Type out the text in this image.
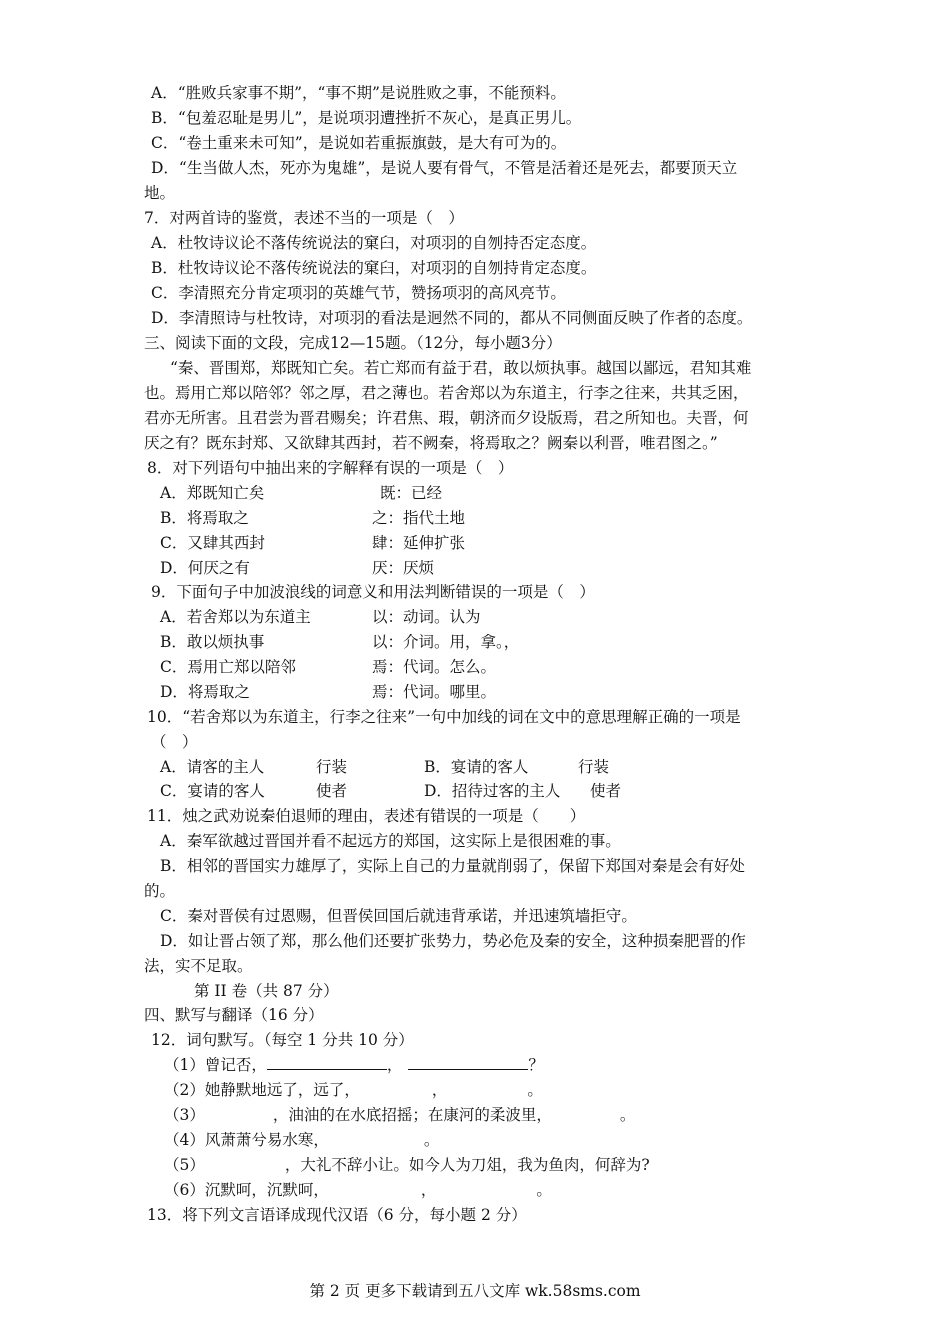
A．“胜败兵家事不期”，“事不期”是说胜败之事，不能预料。
B．“包羞忍耻是男儿”，是说项羽遭挫折不灰心，是真正男儿。
C．“卷土重来未可知”，是说如若重振旗鼓，是大有可为的。
D．“生当做人杰，死亦为鬼雄”，是说人要有骨气，不管是活着还是死去，都要顶天立
地。
7．对两首诗的鉴赏，表述不当的一项是（　）
A．杜牧诗议论不落传统说法的窠臼，对项羽的自刎持否定态度。
B．杜牧诗议论不落传统说法的窠臼，对项羽的自刎持肯定态度。
C．李清照充分肯定项羽的英雄气节，赞扬项羽的高风亮节。
D．李清照诗与杜牧诗，对项羽的看法是迥然不同的，都从不同侧面反映了作者的态度。
三、阅读下面的文段，完成12—15题。（12分，每小题3分）
“秦、晋围郑，郑既知亡矣。若亡郑而有益于君，敢以烦执事。越国以鄙远，君知其难
也。焉用亡郑以陪邻？邻之厚，君之薄也。若舍郑以为东道主，行李之往来，共其乏困，
君亦无所害。且君尝为晋君赐矣；许君焦、瑕，朝济而夕设版焉，君之所知也。夫晋，何
厌之有？既东封郑、又欲肆其西封，若不阙秦，将焉取之？阙秦以利晋，唯君图之。”
8．对下列语句中抽出来的字解释有误的一项是（　）
A．郑既知亡矣	既：已经
B．将焉取之	之：指代土地
C．又肆其西封	肆：延伸扩张
D．何厌之有	厌：厌烦
9．下面句子中加波浪线的词意义和用法判断错误的一项是（　）
A．若舍郑以为东道主	以：动词。认为
B．敢以烦执事	以：介词。用，拿。，
C．焉用亡郑以陪邻	焉：代词。怎么。
D．将焉取之	焉：代词。哪里。
10．“若舍郑以为东道主，行李之往来”一句中加线的词在文中的意思理解正确的一项是
（　）
A．请客的主人	行装	B．宴请的客人	行装
C．宴请的客人	使者	D．招待过客的主人 使者
11．烛之武劝说秦伯退师的理由，表述有错误的一项是（　　）
A．秦军欲越过晋国并看不起远方的郑国，这实际上是很困难的事。
B．相邻的晋国实力雄厚了，实际上自己的力量就削弱了，保留下郑国对秦是会有好处
的。
C．秦对晋侯有过恩赐，但晋侯回国后就违背承诺，并迅速筑墙拒守。
D．如让晋占领了郑，那么他们还要扩张势力，势必危及秦的安全，这种损秦肥晋的作
法，实不足取。
第 II 卷（共 87 分）
四、默写与翻译（16 分）
12．词句默写。（每空 1 分共 10 分）
（1）曾记否，	，	？
（2）她静默地远了，远了，	，	。
（3）	，油油的在水底招摇；在康河的柔波里，	。
（4）风萧萧兮易水寒，	。
（5）	，大礼不辞小让。如今人为刀俎，我为鱼肉，何辞为?
（6）沉默呵，沉默呵，	，	。
13．将下列文言语译成现代汉语（6 分，每小题 2 分）
第 2 页 更多下载请到五八文库 wk.58sms.com
